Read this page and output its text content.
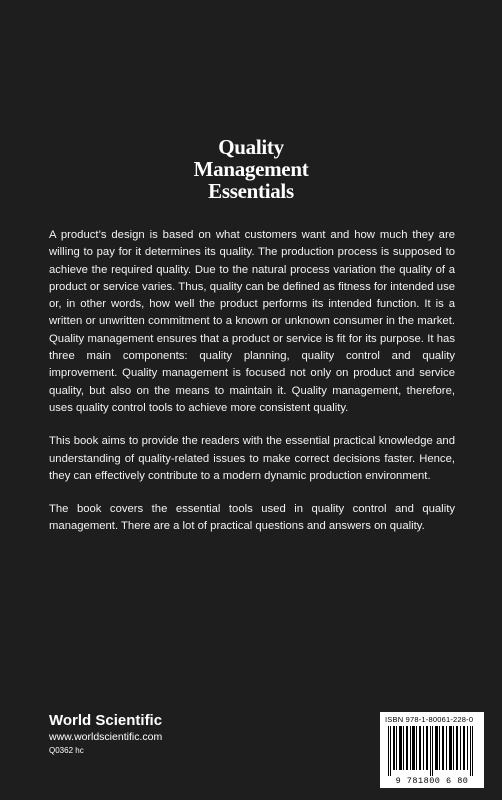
Quality
Management
Essentials

A product’s design is based on what customers want and how much they are willing to pay for it determines its quality. The production process is supposed to achieve the required quality. Due to the natural process variation the quality of a product or service varies. Thus, quality can be defined as fitness for intended use or, in other words, how well the product performs its intended function. It is a written or unwritten commitment to a known or unknown consumer in the market. Quality management ensures that a product or service is fit for its purpose. It has three main components: quality planning, quality control and quality improvement. Quality management is focused not only on product and service quality, but also on the means to maintain it. Quality management, therefore, uses quality control tools to achieve more consistent quality.

This book aims to provide the readers with the essential practical knowledge and understanding of quality-related issues to make correct decisions faster. Hence, they can effectively contribute to a modern dynamic production environment.

The book covers the essential tools used in quality control and quality management. There are a lot of practical questions and answers on quality.

World Scientific
www.worldscientific.com
Q0362 hc
ISBN 978-1-80061-228-0
9 781800 6 80
